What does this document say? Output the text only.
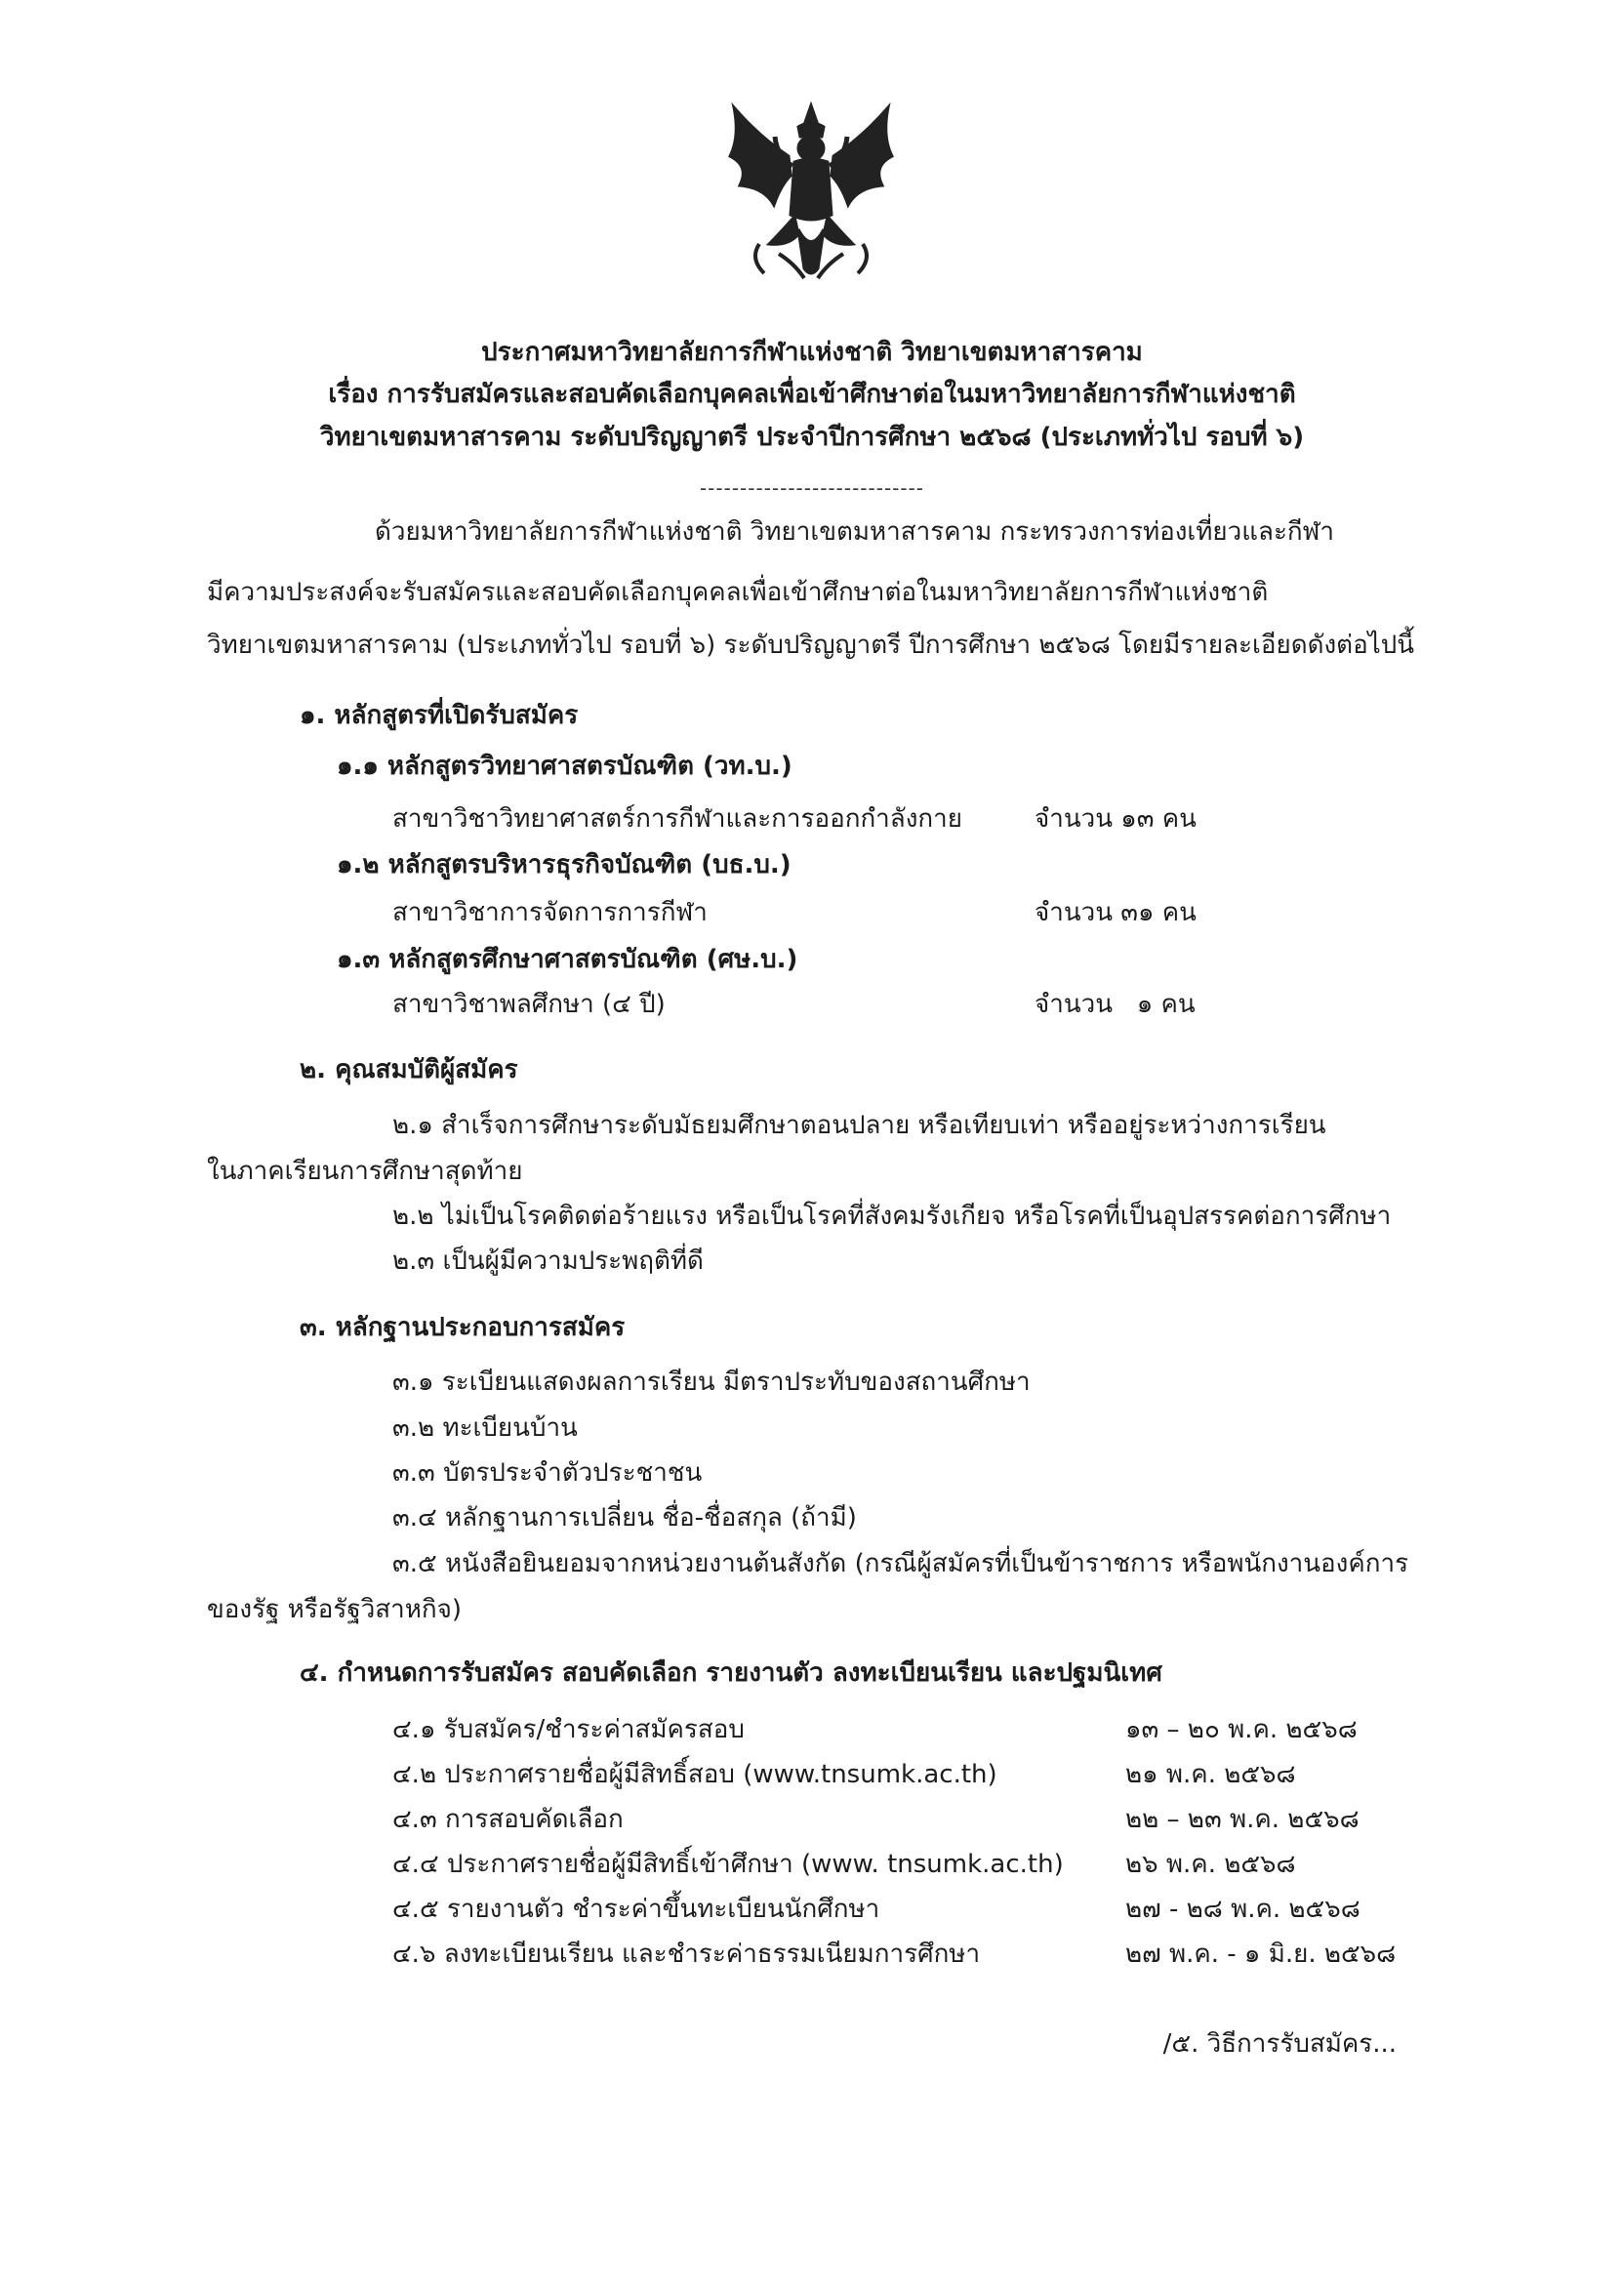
ประกาศมหาวิทยาลัยการกีฬาแห่งชาติ วิทยาเขตมหาสารคาม
เรื่อง การรับสมัครและสอบคัดเลือกบุคคลเพื่อเข้าศึกษาต่อในมหาวิทยาลัยการกีฬาแห่งชาติ
วิทยาเขตมหาสารคาม ระดับปริญญาตรี ประจำปีการศึกษา ๒๕๖๘ (ประเภททั่วไป รอบที่ ๖)
----------------------------
ด้วยมหาวิทยาลัยการกีฬาแห่งชาติ วิทยาเขตมหาสารคาม กระทรวงการท่องเที่ยวและกีฬา
มีความประสงค์จะรับสมัครและสอบคัดเลือกบุคคลเพื่อเข้าศึกษาต่อในมหาวิทยาลัยการกีฬาแห่งชาติ
วิทยาเขตมหาสารคาม (ประเภททั่วไป รอบที่ ๖) ระดับปริญญาตรี ปีการศึกษา ๒๕๖๘ โดยมีรายละเอียดดังต่อไปนี้
๑. หลักสูตรที่เปิดรับสมัคร
๑.๑ หลักสูตรวิทยาศาสตรบัณฑิต (วท.บ.)
สาขาวิชาวิทยาศาสตร์การกีฬาและการออกกำลังกาย	จำนวน ๑๓ คน
๑.๒ หลักสูตรบริหารธุรกิจบัณฑิต (บธ.บ.)
สาขาวิชาการจัดการการกีฬา	จำนวน ๓๑ คน
๑.๓ หลักสูตรศึกษาศาสตรบัณฑิต (ศษ.บ.)
สาขาวิชาพลศึกษา (๔ ปี)	จำนวน   ๑ คน
๒. คุณสมบัติผู้สมัคร
๒.๑ สำเร็จการศึกษาระดับมัธยมศึกษาตอนปลาย หรือเทียบเท่า หรืออยู่ระหว่างการเรียน
ในภาคเรียนการศึกษาสุดท้าย
๒.๒ ไม่เป็นโรคติดต่อร้ายแรง หรือเป็นโรคที่สังคมรังเกียจ หรือโรคที่เป็นอุปสรรคต่อการศึกษา
๒.๓ เป็นผู้มีความประพฤติที่ดี
๓. หลักฐานประกอบการสมัคร
๓.๑ ระเบียนแสดงผลการเรียน มีตราประทับของสถานศึกษา
๓.๒ ทะเบียนบ้าน
๓.๓ บัตรประจำตัวประชาชน
๓.๔ หลักฐานการเปลี่ยน ชื่อ-ชื่อสกุล (ถ้ามี)
๓.๕ หนังสือยินยอมจากหน่วยงานต้นสังกัด (กรณีผู้สมัครที่เป็นข้าราชการ หรือพนักงานองค์การ
ของรัฐ หรือรัฐวิสาหกิจ)
๔. กำหนดการรับสมัคร สอบคัดเลือก รายงานตัว ลงทะเบียนเรียน และปฐมนิเทศ
๔.๑ รับสมัคร/ชำระค่าสมัครสอบ	๑๓ – ๒๐ พ.ค. ๒๕๖๘
๔.๒ ประกาศรายชื่อผู้มีสิทธิ์สอบ (www.tnsumk.ac.th)	๒๑ พ.ค. ๒๕๖๘
๔.๓ การสอบคัดเลือก	๒๒ – ๒๓ พ.ค. ๒๕๖๘
๔.๔ ประกาศรายชื่อผู้มีสิทธิ์เข้าศึกษา (www. tnsumk.ac.th) ๒๖ พ.ค. ๒๕๖๘
๔.๕ รายงานตัว ชำระค่าขึ้นทะเบียนนักศึกษา	๒๗ - ๒๘ พ.ค. ๒๕๖๘
๔.๖ ลงทะเบียนเรียน และชำระค่าธรรมเนียมการศึกษา	๒๗ พ.ค. - ๑ มิ.ย. ๒๕๖๘
/๕. วิธีการรับสมัคร...
